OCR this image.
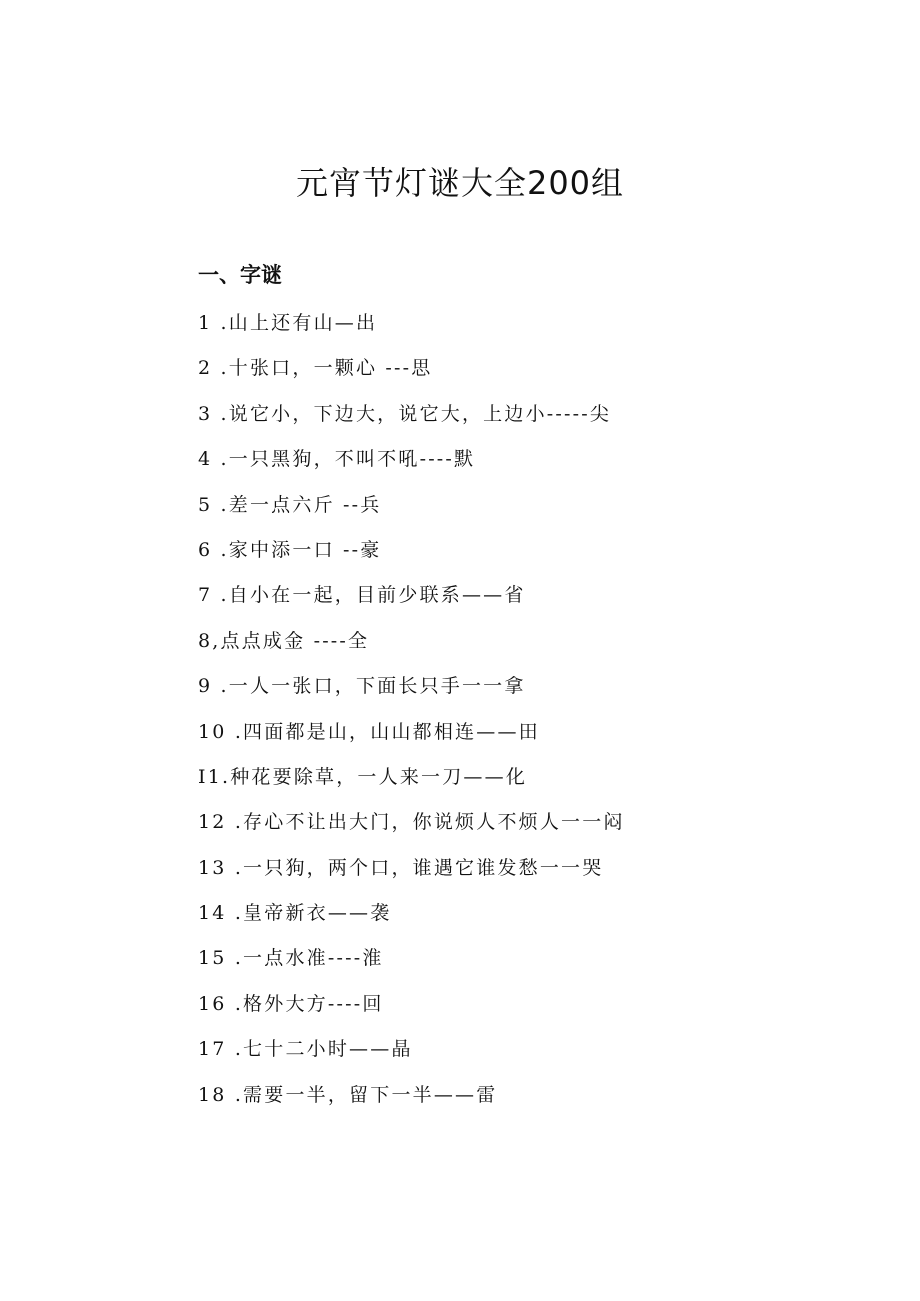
元宵节灯谜大全200组
一、字谜
1 .山上还有山—出
2 .十张口，一颗心 ---思
3 .说它小，下边大，说它大，上边小-----尖
4 .一只黑狗，不叫不吼----默
5 .差一点六斤 --兵
6 .家中添一口 --豪
7 .自小在一起，目前少联系——省
8,点点成金 ----全
9 .一人一张口，下面长只手一一拿
10 .四面都是山，山山都相连——田
I1.种花要除草，一人来一刀——化
12 .存心不让出大门，你说烦人不烦人一一闷
13 .一只狗，两个口，谁遇它谁发愁一一哭
14 .皇帝新衣——袭
15 .一点水准----淮
16 .格外大方----回
17 .七十二小时——晶
18 .需要一半，留下一半——雷
